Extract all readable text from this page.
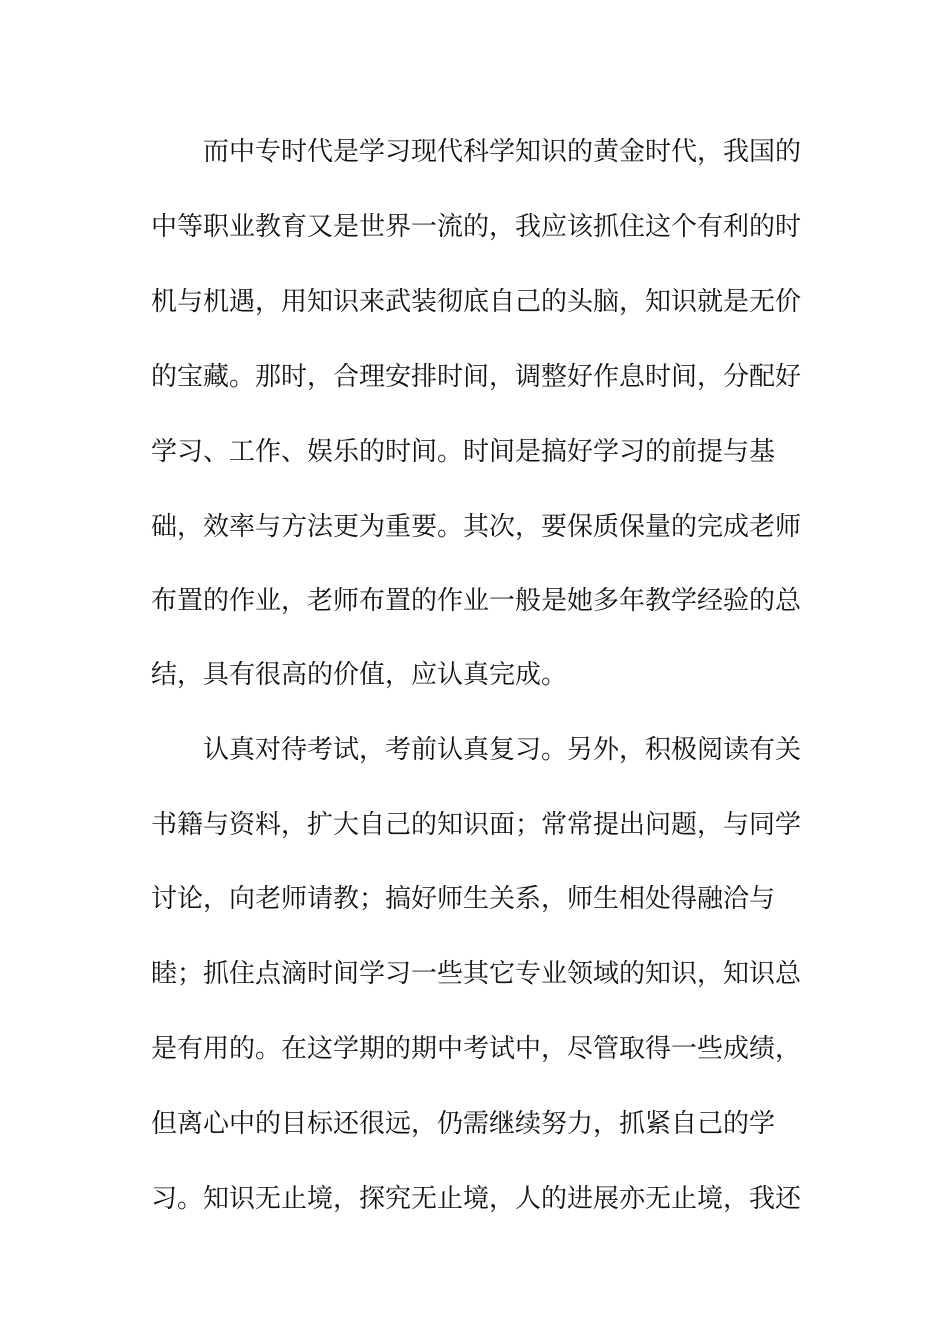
而中专时代是学习现代科学知识的黄金时代，我国的
中等职业教育又是世界一流的，我应该抓住这个有利的时
机与机遇，用知识来武装彻底自己的头脑，知识就是无价
的宝藏。那时，合理安排时间，调整好作息时间，分配好
学习、工作、娱乐的时间。时间是搞好学习的前提与基
础，效率与方法更为重要。其次，要保质保量的完成老师
布置的作业，老师布置的作业一般是她多年教学经验的总
结，具有很高的价值，应认真完成。
认真对待考试，考前认真复习。另外，积极阅读有关
书籍与资料，扩大自己的知识面；常常提出问题，与同学
讨论，向老师请教；搞好师生关系，师生相处得融洽与
睦；抓住点滴时间学习一些其它专业领域的知识，知识总
是有用的。在这学期的期中考试中，尽管取得一些成绩，
但离心中的目标还很远，仍需继续努力，抓紧自己的学
习。知识无止境，探究无止境，人的进展亦无止境，我还
